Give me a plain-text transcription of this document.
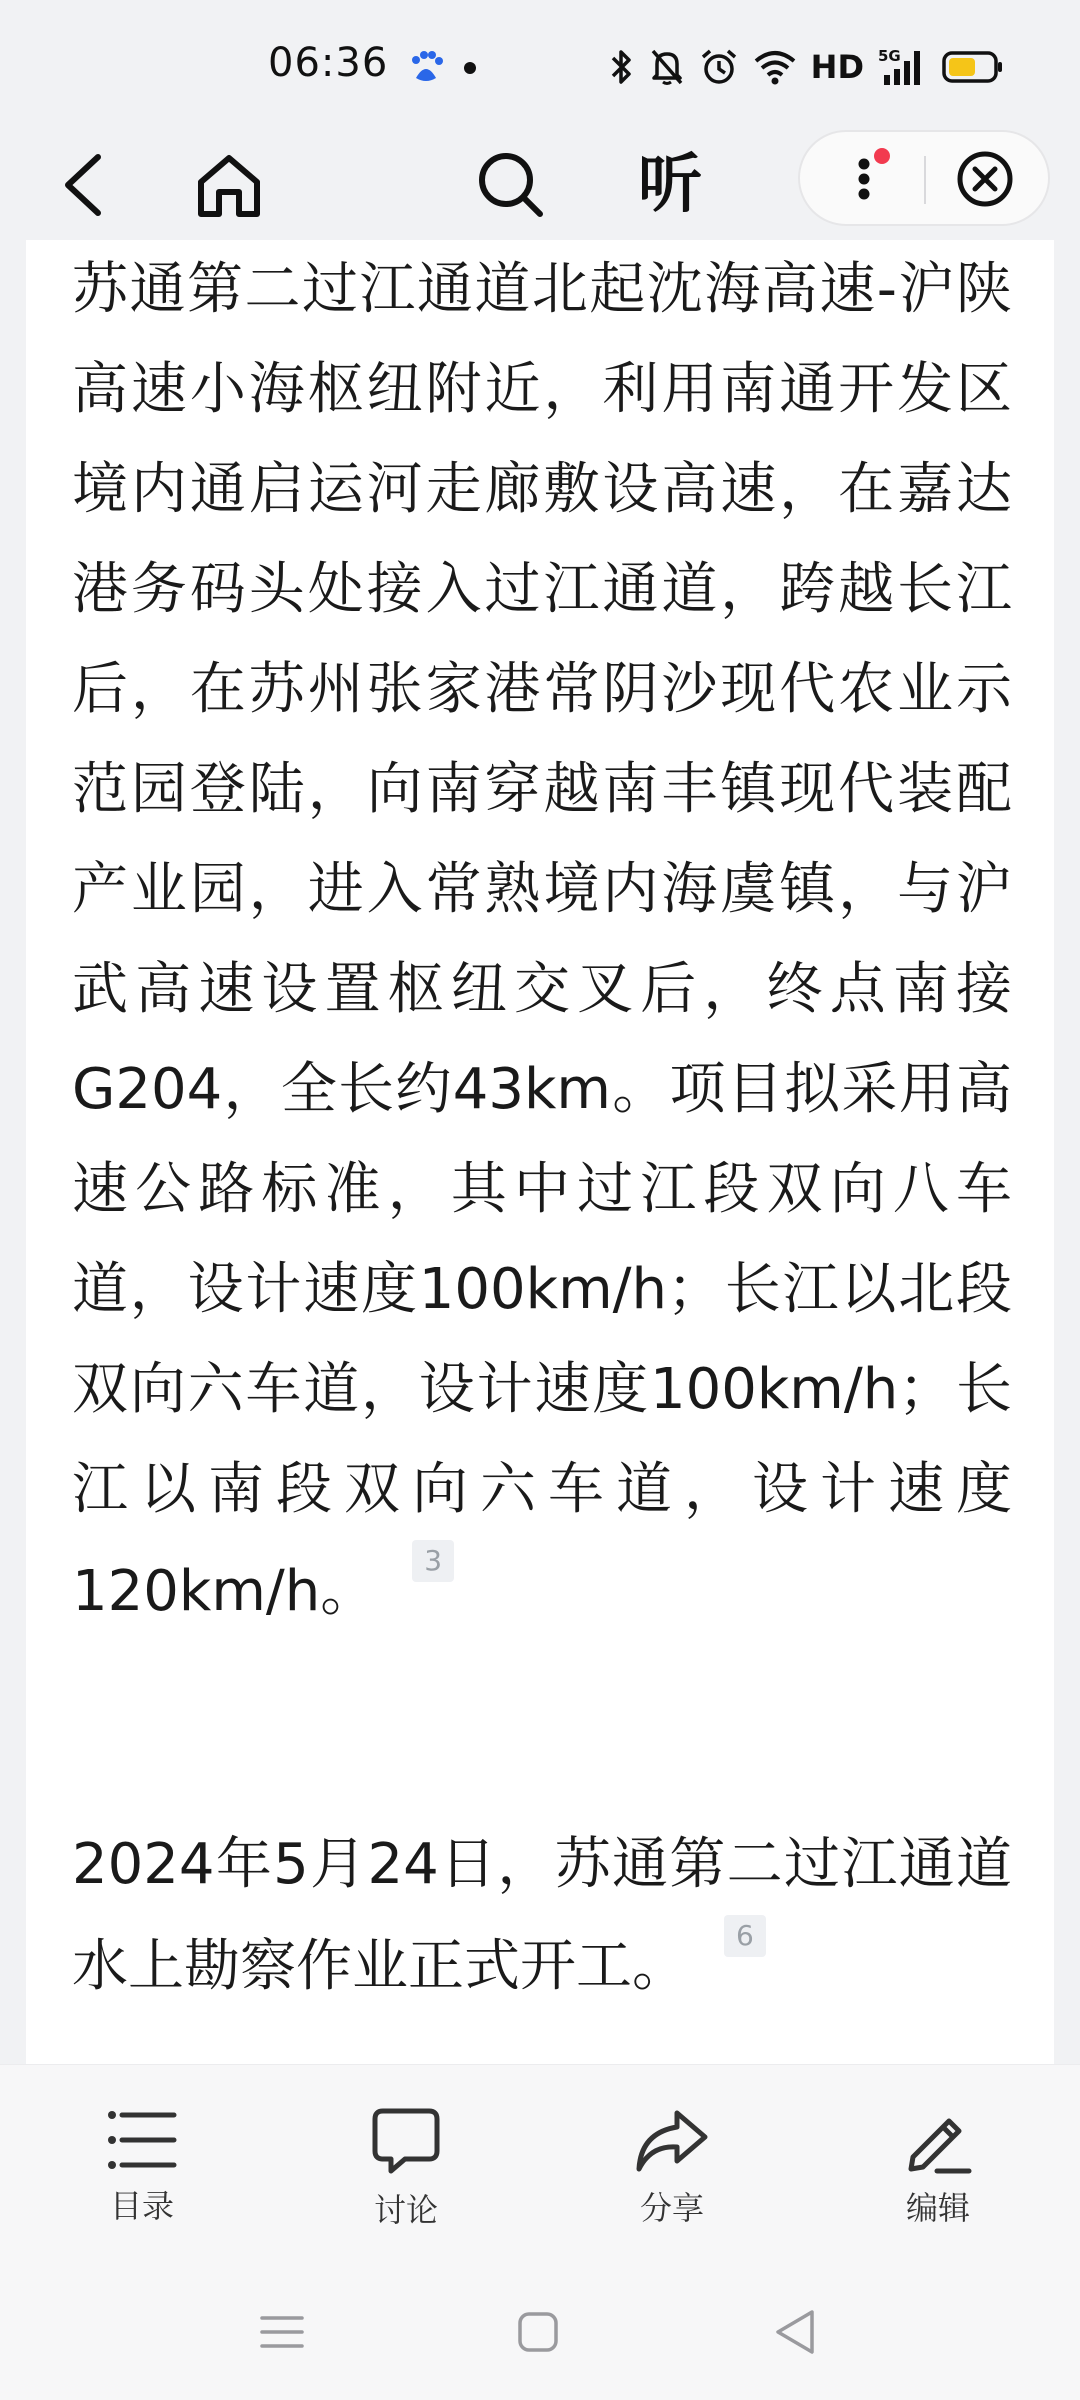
06:36	HD 5G
听

苏通第二过江通道北起沈海高速-沪陕高速小海枢纽附近，利用南通开发区境内通启运河走廊敷设高速，在嘉达港务码头处接入过江通道，跨越长江后，在苏州张家港常阴沙现代农业示范园登陆，向南穿越南丰镇现代装配产业园，进入常熟境内海虞镇，与沪武高速设置枢纽交叉后，终点南接G204，全长约43km。项目拟采用高速公路标准，其中过江段双向八车道，设计速度100km/h；长江以北段双向六车道，设计速度100km/h；长江以南段双向六车道，设计速度120km/h。 3

2024年5月24日，苏通第二过江通道水上勘察作业正式开工。 6

目录	讨论	分享	编辑
